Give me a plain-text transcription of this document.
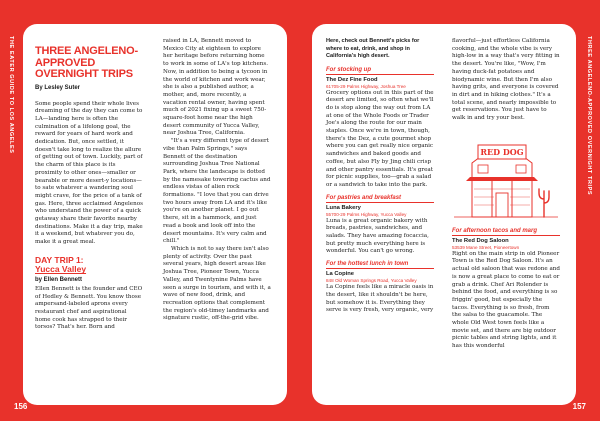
THE EATER GUIDE TO LOS ANGELES	THREE ANGELENO-APPROVED OVERNIGHT TRIPS
156	157
THREE ANGELENO-APPROVED OVERNIGHT TRIPS
By Lesley Suter

Some people spend their whole lives dreaming of the day they can come to LA—landing here is often the culmination of a lifelong goal, the reward for years of hard work and dedication. But, once settled, it doesn't take long to realize the allure of getting out of town. Luckily, part of the charm of this place is its proximity to other ones—smaller or bearable or more desert-y locations—to sate whatever a wandering soul might crave, for the price of a tank of gas. Here, three acclaimed Angelenos who understand the power of a quick getaway share their favorite nearby destinations. Make it a day trip, make it a weekend, but whatever you do, make it a great meal.

DAY TRIP 1:
Yucca Valley
by Ellen Bennett

Ellen Bennett is the founder and CEO of Hedley & Bennett. You know those ampersand-labeled aprons every restaurant chef and aspirational home cook has strapped to their torsos? That's her. Born and

raised in LA, Bennett moved to Mexico City at eighteen to explore her heritage before returning home to work in some of LA's top kitchens. Now, in addition to being a tycoon in the world of kitchen and work wear, she is also a published author, a mother, and, more recently, a vacation rental owner, having spent much of 2021 fixing up a sweet 750-square-foot home near the high desert community of Yucca Valley, near Joshua Tree, California.

"It's a very different type of desert vibe than Palm Springs," says Bennett of the destination surrounding Joshua Tree National Park, where the landscape is dotted by the namesake towering cactus and endless vistas of alien rock formations. "I love that you can drive two hours away from LA and it's like you're on another planet. I go out there, sit in a hammock, and just read a book and look off into the desert mountains. It's very calm and chill."

Which is not to say there isn't also plenty of activity. Over the past several years, high desert areas like Joshua Tree, Pioneer Town, Yucca Valley, and Twentynine Palms have seen a surge in tourism, and with it, a wave of new food, drink, and recreation options that complement the region's old-timey landmarks and signature rustic, off-the-grid vibe.

Here, check out Bennett's picks for where to eat, drink, and shop in California's high desert.
For stocking up
The Dez Fine Food
61705-29 Palms Highway, Joshua Tree
Grocery options out in this part of the desert are limited, so often what we'll do is stop along the way out from LA at one of the Whole Foods or Trader Joe's along the route for our main staples. Once we're in town, though, there's the Dez, a cute gourmet shop where you can get really nice organic sandwiches and baked goods and coffee, but also Fly by Jing chili crisp and other pantry essentials. It's great for picnic supplies, too—grab a salad or a sandwich to take into the park.
For pastries and breakfast
Luna Bakery
55700-29 Palms Highway, Yucca Valley
Luna is a great organic bakery with breads, pastries, sandwiches, and salads. They have amazing focaccia, but pretty much everything here is wonderful. You can't go wrong.
For the hottest lunch in town
La Copine
848 Old Woman Springs Road, Yucca Valley
La Copine feels like a miracle oasis in the desert, like it shouldn't be here, but somehow it is. Everything they serve is very fresh, very organic, very
flavorful—just effortless California cooking, and the whole vibe is very high-low in a way that's very fitting in the desert. You're like, "Wow, I'm having duck-fat potatoes and biodynamic wine. But then I'm also having grits, and everyone is covered in dirt and in hiking clothes." It's a total scene, and nearly impossible to get reservations. You just have to walk in and try your best.
RED DOG
For afternoon tacos and marg
The Red Dog Saloon
53539 Mane Street, Pioneertown
Right on the main strip in old Pioneer Town is the Red Dog Saloon. It's an actual old saloon that was redone and is now a great place to come to eat or grab a drink. Chef Ari Rolender is behind the food, and everything is so friggin' good, but especially the tacos. Everything is so fresh, from the salsa to the guacamole. The whole Old West town feels like a movie set, and there are big outdoor picnic tables and string lights, and it has this wonderful
